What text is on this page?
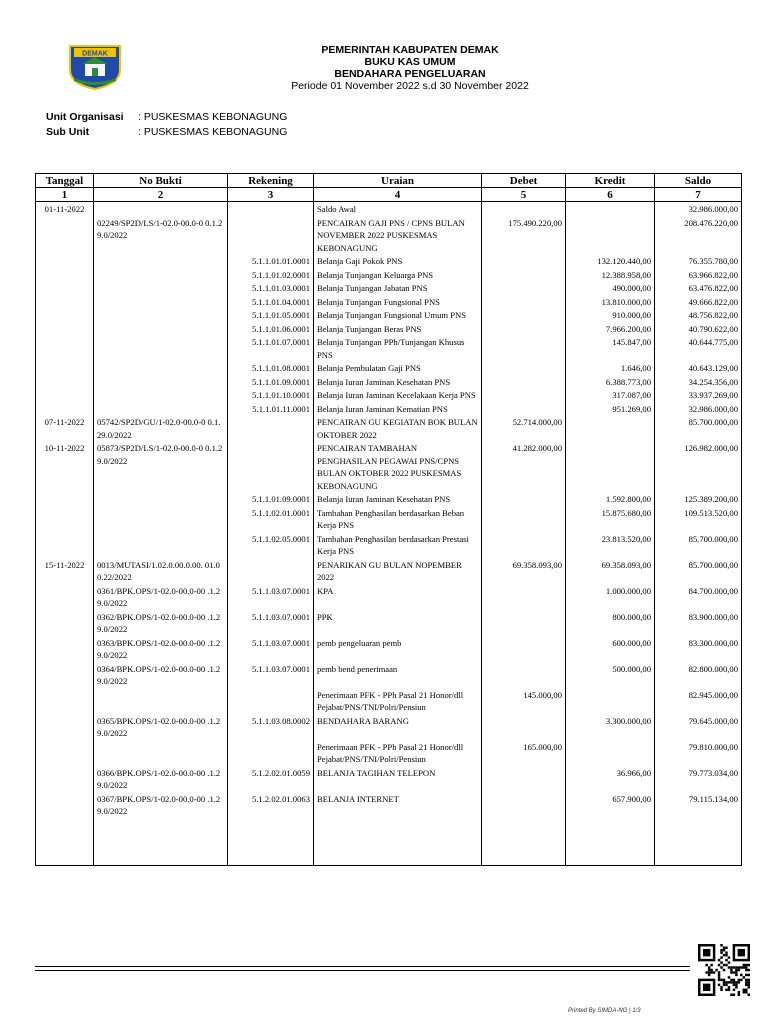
DEMAK	PEMERINTAH KABUPATEN DEMAK
BUKU KAS UMUM
BENDAHARA PENGELUARAN
Periode 01 November 2022 s.d 30 November 2022
Unit Organisasi	: PUSKESMAS KEBONAGUNG
Sub Unit	: PUSKESMAS KEBONAGUNG
Tanggal	No Bukti	Rekening	Uraian	Debet	Kredit	Saldo
1	2	3	4	5	6	7
01-11-2022			Saldo Awal			32.986.000,00
	02249/SP2D/LS/1-02.0-00.0-0 0.1.29.0/2022		PENCAIRAN GAJI PNS / CPNS BULAN NOVEMBER 2022 PUSKESMAS KEBONAGUNG	175.490.220,00		208.476.220,00
		5.1.1.01.01.0001	Belanja Gaji Pokok PNS		132.120.440,00	76.355.780,00
		5.1.1.01.02.0001	Belanja Tunjangan Keluarga PNS		12.388.958,00	63.966.822,00
		5.1.1.01.03.0001	Belanja Tunjangan Jabatan PNS		490.000,00	63.476.822,00
		5.1.1.01.04.0001	Belanja Tunjangan Fungsional PNS		13.810.000,00	49.666.822,00
		5.1.1.01.05.0001	Belanja Tunjangan Fungsional Umum PNS		910.000,00	48.756.822,00
		5.1.1.01.06.0001	Belanja Tunjangan Beras PNS		7.966.200,00	40.790.622,00
		5.1.1.01.07.0001	Belanja Tunjangan PPh/Tunjangan Khusus PNS		145.847,00	40.644.775,00
		5.1.1.01.08.0001	Belanja Pembulatan Gaji PNS		1.646,00	40.643.129,00
		5.1.1.01.09.0001	Belanja Iuran Jaminan Kesehatan PNS		6.388.773,00	34.254.356,00
		5.1.1.01.10.0001	Belanja Iuran Jaminan Kecelakaan Kerja PNS		317.087,00	33.937.269,00
		5.1.1.01.11.0001	Belanja Iuran Jaminan Kematian PNS		951.269,00	32.986.000,00
07-11-2022	05742/SP2D/GU/1-02.0-00.0-0 0.1.29.0/2022		PENCAIRAN GU KEGIATAN BOK BULAN OKTOBER 2022	52.714.000,00		85.700.000,00
10-11-2022	05873/SP2D/LS/1-02.0-00.0-0 0.1.29.0/2022		PENCAIRAN TAMBAHAN PENGHASILAN PEGAWAI PNS/CPNS BULAN OKTOBER 2022 PUSKESMAS KEBONAGUNG	41.282.000,00		126.982.000,00
		5.1.1.01.09.0001	Belanja Iuran Jaminan Kesehatan PNS		1.592.800,00	125.389.200,00
		5.1.1.02.01.0001	Tambahan Penghasilan berdasarkan Beban Kerja PNS		15.875.680,00	109.513.520,00
		5.1.1.02.05.0001	Tambahan Penghasilan berdasarkan Prestasi Kerja PNS		23.813.520,00	85.700.000,00
15-11-2022	0013/MUTASI/1.02.0.00.0.00. 01.00.22/2022		PENARIKAN GU BULAN NOPEMBER 2022	69.358.093,00	69.358.093,00	85.700.000,00
	0361/BPK.OPS/1-02.0-00.0-00 .1.29.0/2022	5.1.1.03.07.0001	KPA		1.000.000,00	84.700.000,00
	0362/BPK.OPS/1-02.0-00.0-00 .1.29.0/2022	5.1.1.03.07.0001	PPK		800.000,00	83.900.000,00
	0363/BPK.OPS/1-02.0-00.0-00 .1.29.0/2022	5.1.1.03.07.0001	pemb pengeluaran pemb		600.000,00	83.300.000,00
	0364/BPK.OPS/1-02.0-00.0-00 .1.29.0/2022	5.1.1.03.07.0001	pemb bend penerimaan		500.000,00	82.800.000,00
			Penerimaan PFK - PPh Pasal 21 Honor/dll Pejabat/PNS/TNI/Polri/Pensiun	145.000,00		82.945.000,00
	0365/BPK.OPS/1-02.0-00.0-00 .1.29.0/2022	5.1.1.03.08.0002	BENDAHARA BARANG		3.300.000,00	79.645.000,00
			Penerimaan PFK - PPh Pasal 21 Honor/dll Pejabat/PNS/TNI/Polri/Pensiun	165.000,00		79.810.000,00
	0366/BPK.OPS/1-02.0-00.0-00 .1.29.0/2022	5.1.2.02.01.0059	BELANJA TAGIHAN TELEPON		36.966,00	79.773.034,00
	0367/BPK.OPS/1-02.0-00.0-00 .1.29.0/2022	5.1.2.02.01.0063	BELANJA INTERNET		657.900,00	79.115.134,00

Printed By SIMDA-NG | 1/3
